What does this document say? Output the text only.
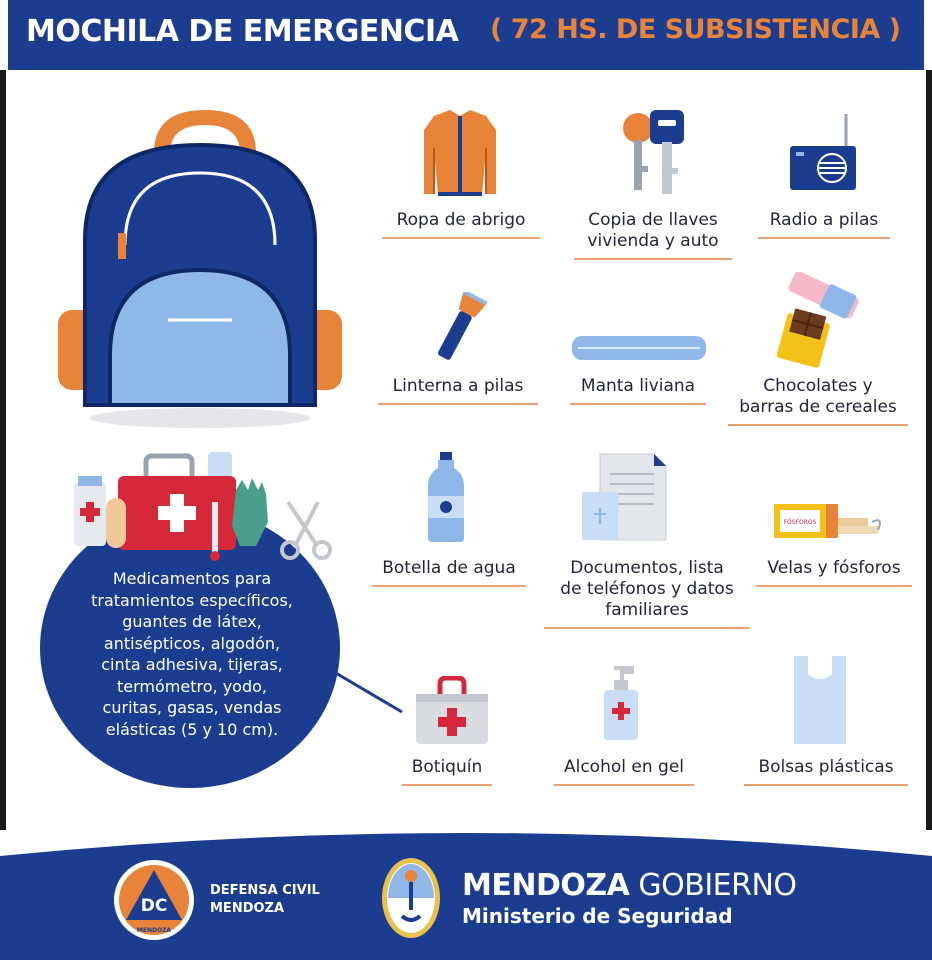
MOCHILA DE EMERGENCIA ( 72 HS. DE SUBSISTENCIA )
Ropa de abrigo	Copia de llaves
vivienda y auto
Radio a pilas
Linterna a pilas	Manta liviana	Chocolates y
barras de cereales
Botella de agua	Documentos, lista
de teléfonos y datos
familiares
FÓSFOROS
Velas y fósforos
Botiquín	Alcohol en gel	Bolsas plásticas
Medicamentos para
tratamientos específicos,
guantes de látex,
antisépticos, algodón,
cinta adhesiva, tijeras,
termómetro, yodo,
curitas, gasas, vendas
elásticas (5 y 10 cm).
DC
MENDOZA
DEFENSA CIVIL
MENDOZA
MENDOZA GOBIERNO
Ministerio de Seguridad
